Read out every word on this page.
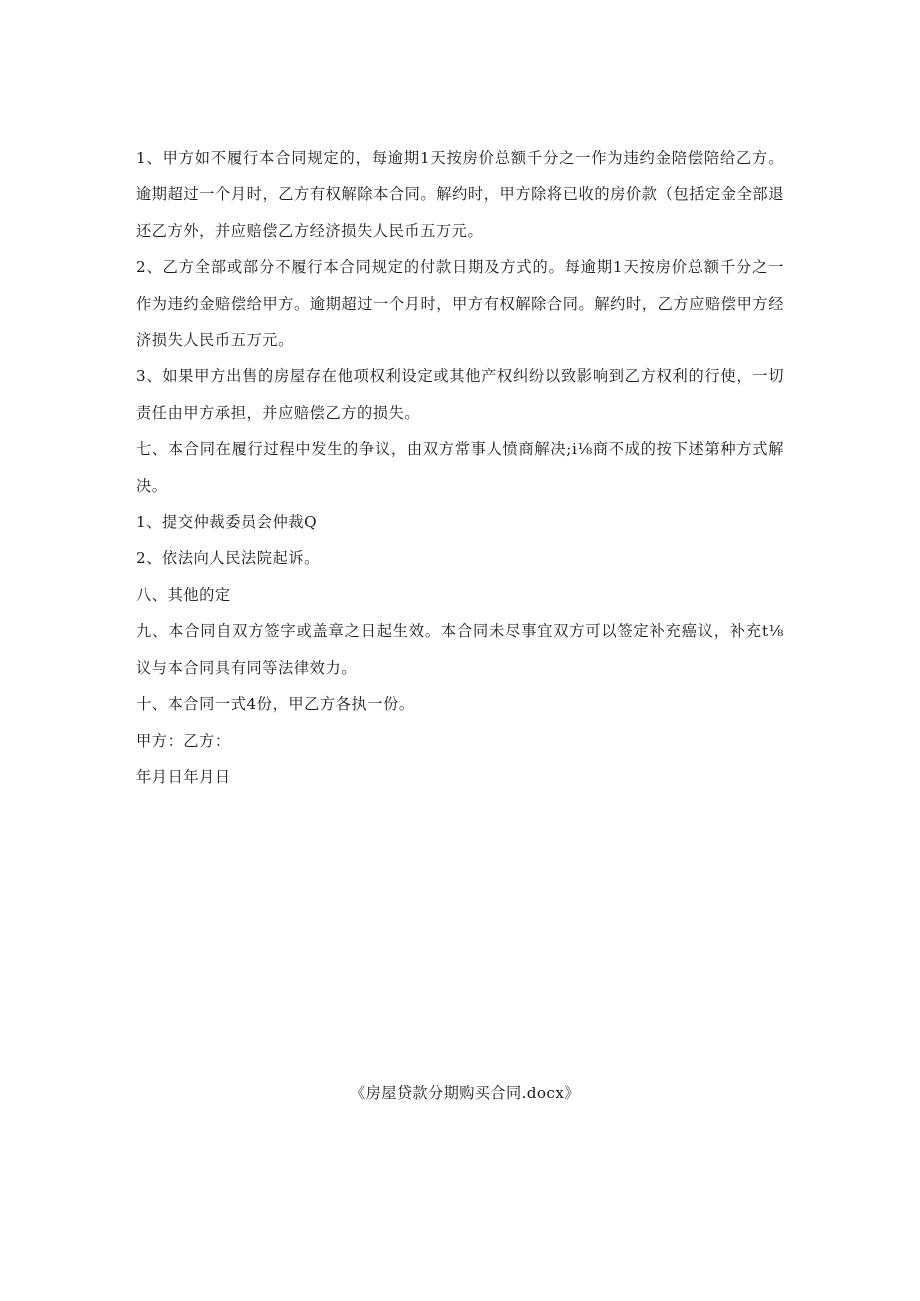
1、甲方如不履行本合同规定的，每逾期1天按房价总额千分之一作为违约金陪偿陪给乙方。逾期超过一个月时，乙方有权解除本合同。解约时，甲方除将已收的房价款（包括定金全部退还乙方外，并应赔偿乙方经济损失人民币五万元。

2、乙方全部或部分不履行本合同规定的付款日期及方式的。每逾期1天按房价总额千分之一作为违约金赔偿给甲方。逾期超过一个月时，甲方有权解除合同。解约时，乙方应赔偿甲方经济损失人民币五万元。

3、如果甲方出售的房屋存在他项权利设定或其他产权纠纷以致影响到乙方权利的行使，一切责任由甲方承担，并应赔偿乙方的损失。

七、本合同在履行过程中发生的争议，由双方常事人愤商解决;i⅛商不成的按下述第种方式解决。

1、提交仲裁委员会仲裁Q

2、依法向人民法院起诉。

八、其他的定

九、本合同自双方签字或盖章之日起生效。本合同未尽事宜双方可以签定补充癌议，补充t⅛议与本合同具有同等法律效力。

十、本合同一式4份，甲乙方各执一份。

甲方：乙方：

年月日年月日

《房屋贷款分期购买合同.docx》
